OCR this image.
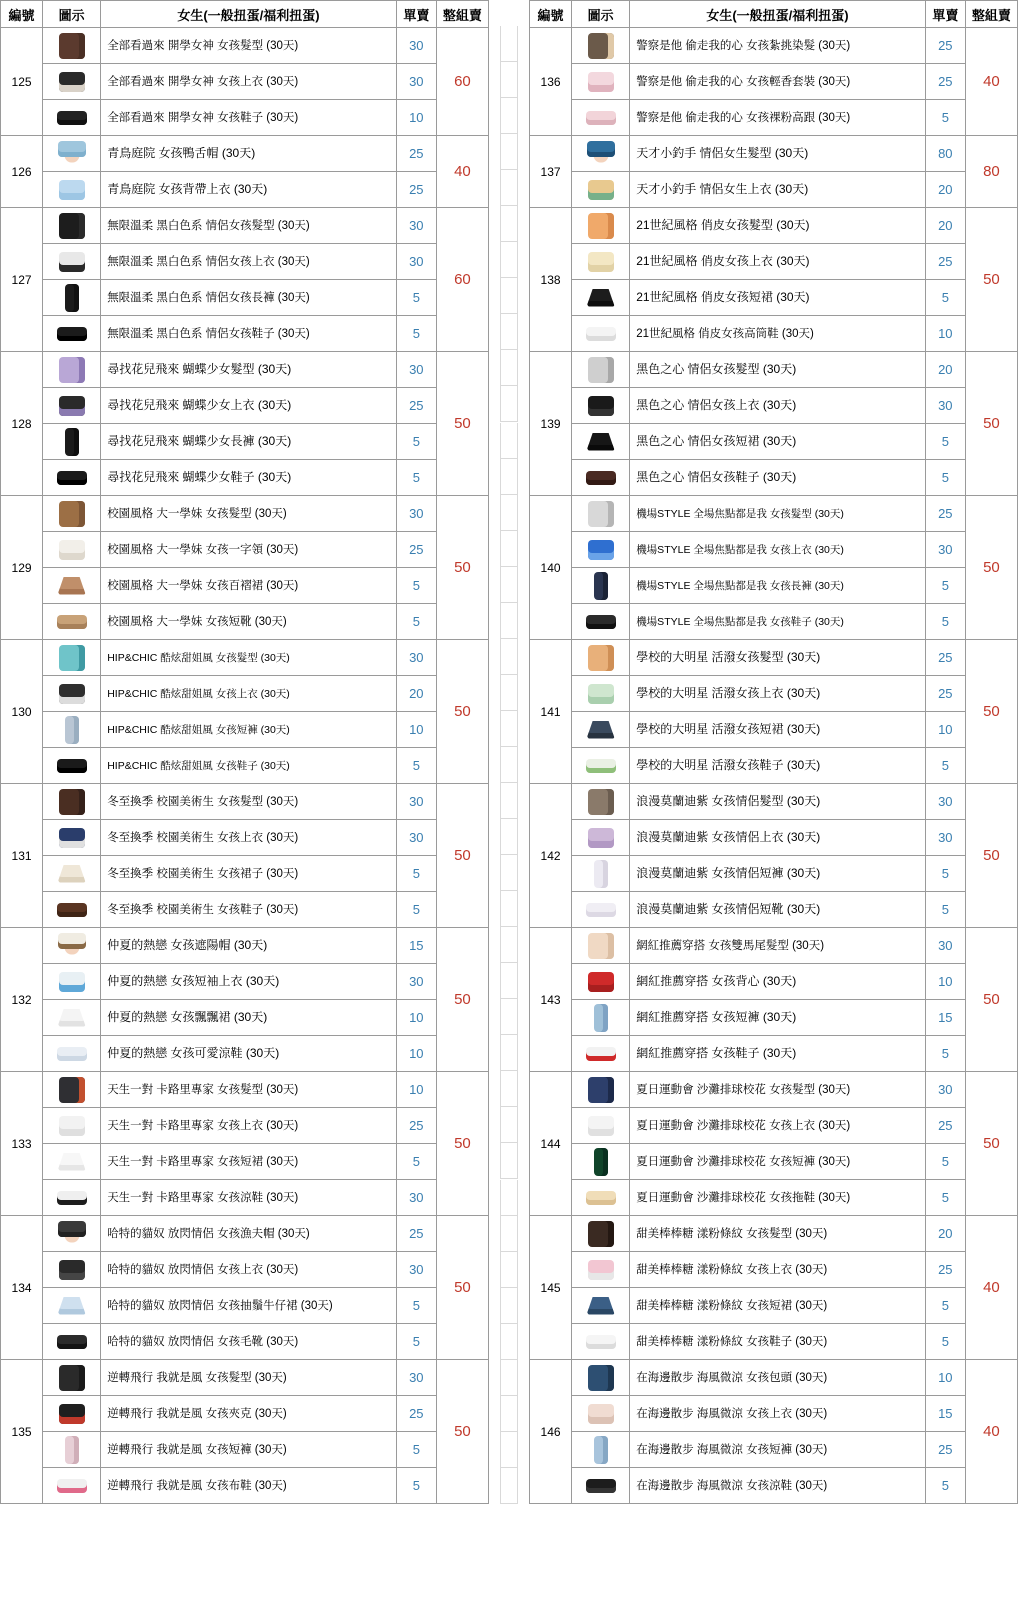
編號	圖示	女生(一般扭蛋/福利扭蛋)	單賣	整組賣
125		全部看過來 開學女神 女孩髮型 (30天)	30	60

		全部看過來 開學女神 女孩上衣 (30天)	30	

		全部看過來 開學女神 女孩鞋子 (30天)	10	
126		青鳥庭院 女孩鴨舌帽 (30天)	25	40

		青鳥庭院 女孩背帶上衣 (30天)	25	
127		無限溫柔 黑白色系 情侶女孩髮型 (30天)	30	60

		無限溫柔 黑白色系 情侶女孩上衣 (30天)	30	

		無限溫柔 黑白色系 情侶女孩長褲 (30天)	5	

		無限溫柔 黑白色系 情侶女孩鞋子 (30天)	5	
128		尋找花兒飛來 蝴蝶少女髮型 (30天)	30	50

		尋找花兒飛來 蝴蝶少女上衣 (30天)	25	

		尋找花兒飛來 蝴蝶少女長褲 (30天)	5	

		尋找花兒飛來 蝴蝶少女鞋子 (30天)	5	
129		校園風格 大一學妹 女孩髮型 (30天)	30	50

		校園風格 大一學妹 女孩一字領 (30天)	25	

		校園風格 大一學妹 女孩百褶裙 (30天)	5	

		校園風格 大一學妹 女孩短靴 (30天)	5	
130		HIP&CHIC 酷炫甜姐風 女孩髮型 (30天)	30	50

		HIP&CHIC 酷炫甜姐風 女孩上衣 (30天)	20	

		HIP&CHIC 酷炫甜姐風 女孩短褲 (30天)	10	

		HIP&CHIC 酷炫甜姐風 女孩鞋子 (30天)	5	
131		冬至換季 校園美術生 女孩髮型 (30天)	30	50

		冬至換季 校園美術生 女孩上衣 (30天)	30	

		冬至換季 校園美術生 女孩裙子 (30天)	5	

		冬至換季 校園美術生 女孩鞋子 (30天)	5	
132		仲夏的熱戀 女孩遮陽帽 (30天)	15	50

		仲夏的熱戀 女孩短袖上衣 (30天)	30	

		仲夏的熱戀 女孩飄飄裙 (30天)	10	

		仲夏的熱戀 女孩可愛涼鞋 (30天)	10	
133		天生一對 卡路里專家 女孩髮型 (30天)	10	50

		天生一對 卡路里專家 女孩上衣 (30天)	25	

		天生一對 卡路里專家 女孩短裙 (30天)	5	

		天生一對 卡路里專家 女孩涼鞋 (30天)	30	
134		哈特的貓奴 放閃情侶 女孩漁夫帽 (30天)	25	50

		哈特的貓奴 放閃情侶 女孩上衣 (30天)	30	

		哈特的貓奴 放閃情侶 女孩抽鬚牛仔裙 (30天)	5	

		哈特的貓奴 放閃情侶 女孩毛靴 (30天)	5	
135		逆轉飛行 我就是風 女孩髮型 (30天)	30	50

		逆轉飛行 我就是風 女孩夾克 (30天)	25	

		逆轉飛行 我就是風 女孩短褲 (30天)	5	

		逆轉飛行 我就是風 女孩布鞋 (30天)	5	

編號	圖示	女生(一般扭蛋/福利扭蛋)	單賣	整組賣
136		警察是他 偷走我的心 女孩紮挑染髮 (30天)	25	40

		警察是他 偷走我的心 女孩輕香套裝 (30天)	25	

		警察是他 偷走我的心 女孩裸粉高跟 (30天)	5	
137		天才小釣手 情侶女生髮型 (30天)	80	80

		天才小釣手 情侶女生上衣 (30天)	20	
138		21世紀風格 俏皮女孩髮型 (30天)	20	50

		21世紀風格 俏皮女孩上衣 (30天)	25	

		21世紀風格 俏皮女孩短裙 (30天)	5	

		21世紀風格 俏皮女孩高筒鞋 (30天)	10	
139		黑色之心 情侶女孩髮型 (30天)	20	50

		黑色之心 情侶女孩上衣 (30天)	30	

		黑色之心 情侶女孩短裙 (30天)	5	

		黑色之心 情侶女孩鞋子 (30天)	5	
140		機場STYLE 全場焦點都是我 女孩髮型 (30天)	25	50

		機場STYLE 全場焦點都是我 女孩上衣 (30天)	30	

		機場STYLE 全場焦點都是我 女孩長褲 (30天)	5	

		機場STYLE 全場焦點都是我 女孩鞋子 (30天)	5	
141		學校的大明星 活潑女孩髮型 (30天)	25	50

		學校的大明星 活潑女孩上衣 (30天)	25	

		學校的大明星 活潑女孩短裙 (30天)	10	

		學校的大明星 活潑女孩鞋子 (30天)	5	
142		浪漫莫蘭迪紫 女孩情侶髮型 (30天)	30	50

		浪漫莫蘭迪紫 女孩情侶上衣 (30天)	30	

		浪漫莫蘭迪紫 女孩情侶短褲 (30天)	5	

		浪漫莫蘭迪紫 女孩情侶短靴 (30天)	5	
143		網紅推薦穿搭 女孩雙馬尾髮型 (30天)	30	50

		網紅推薦穿搭 女孩背心 (30天)	10	

		網紅推薦穿搭 女孩短褲 (30天)	15	

		網紅推薦穿搭 女孩鞋子 (30天)	5	
144		夏日運動會 沙灘排球校花 女孩髮型 (30天)	30	50

		夏日運動會 沙灘排球校花 女孩上衣 (30天)	25	

		夏日運動會 沙灘排球校花 女孩短褲 (30天)	5	

		夏日運動會 沙灘排球校花 女孩拖鞋 (30天)	5	
145		甜美棒棒糖 漾粉條紋 女孩髮型 (30天)	20	40

		甜美棒棒糖 漾粉條紋 女孩上衣 (30天)	25	

		甜美棒棒糖 漾粉條紋 女孩短裙 (30天)	5	

		甜美棒棒糖 漾粉條紋 女孩鞋子 (30天)	5	
146		在海邊散步 海風微涼 女孩包頭 (30天)	10	40

		在海邊散步 海風微涼 女孩上衣 (30天)	15	

		在海邊散步 海風微涼 女孩短褲 (30天)	25	

		在海邊散步 海風微涼 女孩涼鞋 (30天)	5	
